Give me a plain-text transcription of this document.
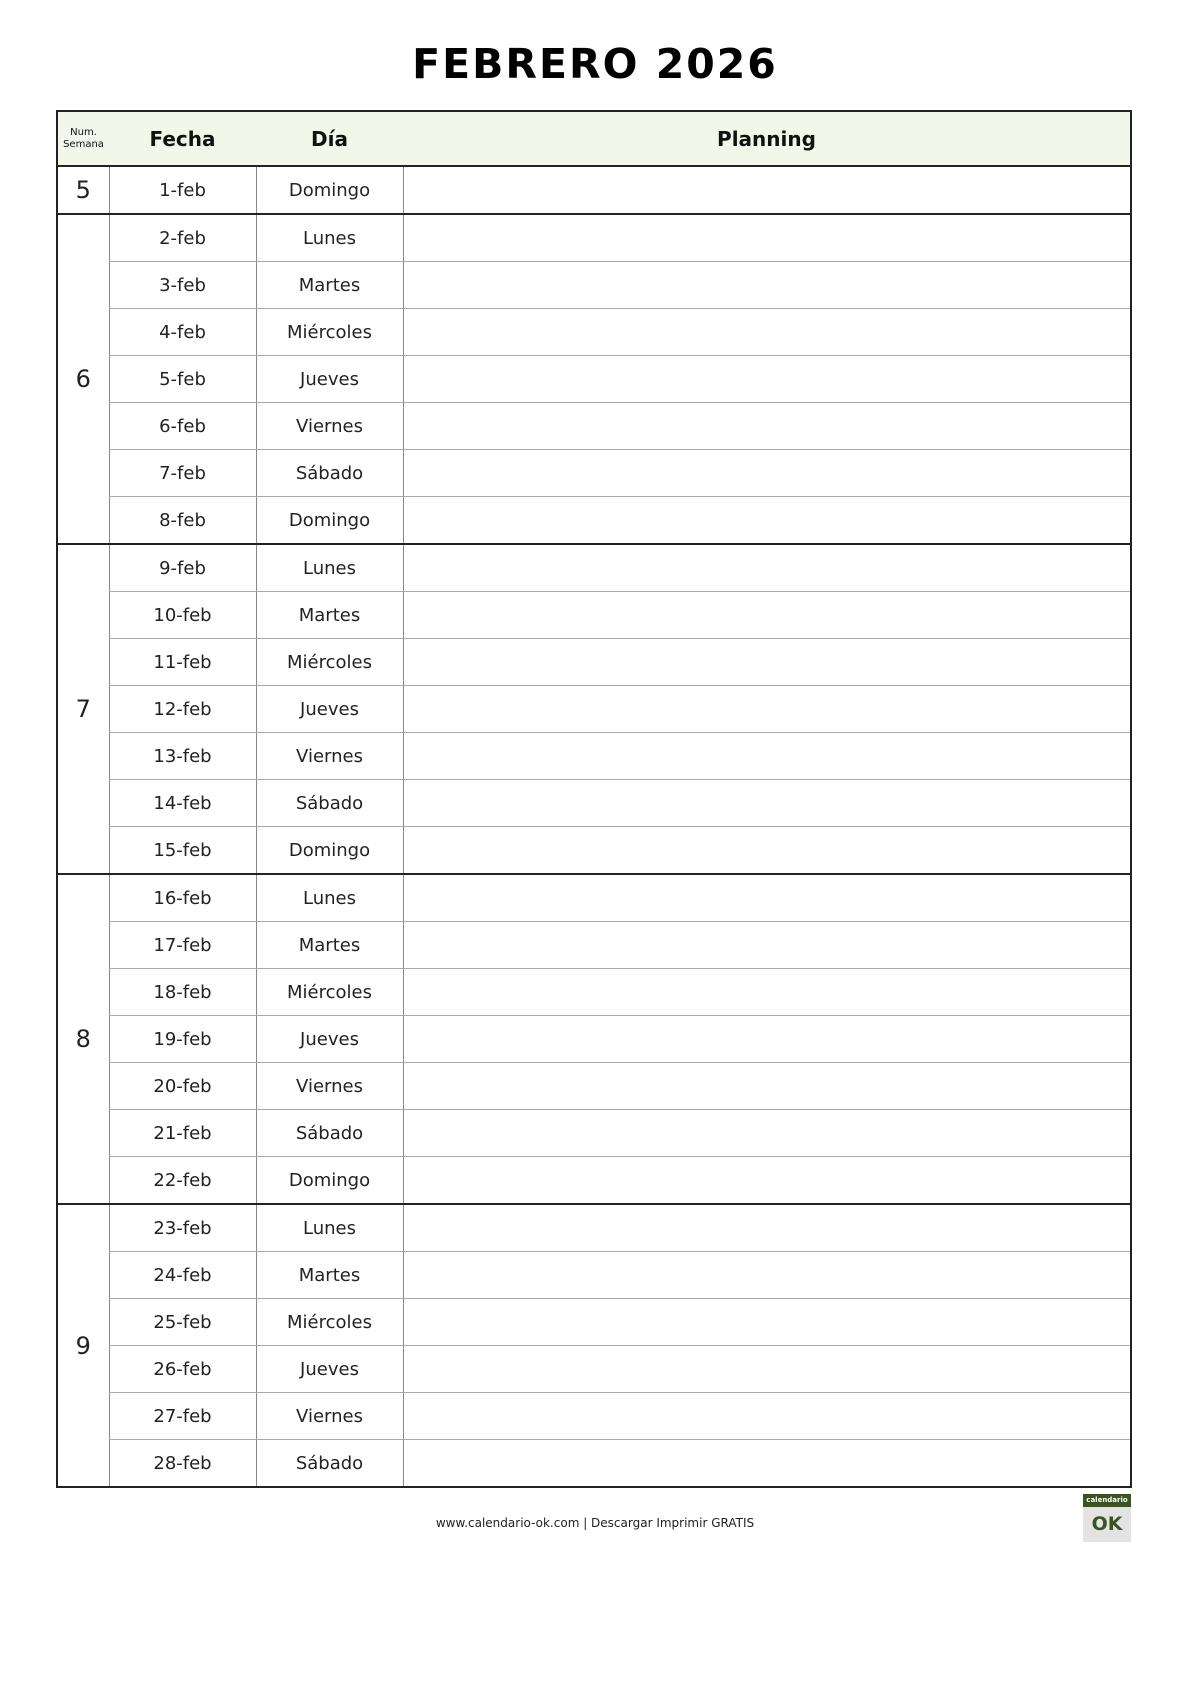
FEBRERO 2026
Num. Semana	Fecha	Día	Planning
5	1-feb	Domingo	
6	2-feb	Lunes	
	3-feb	Martes	
	4-feb	Miércoles	
	5-feb	Jueves	
	6-feb	Viernes	
	7-feb	Sábado	
	8-feb	Domingo	
7	9-feb	Lunes	
	10-feb	Martes	
	11-feb	Miércoles	
	12-feb	Jueves	
	13-feb	Viernes	
	14-feb	Sábado	
	15-feb	Domingo	
8	16-feb	Lunes	
	17-feb	Martes	
	18-feb	Miércoles	
	19-feb	Jueves	
	20-feb	Viernes	
	21-feb	Sábado	
	22-feb	Domingo	
9	23-feb	Lunes	
	24-feb	Martes	
	25-feb	Miércoles	
	26-feb	Jueves	
	27-feb	Viernes	
	28-feb	Sábado	
www.calendario-ok.com | Descargar Imprimir GRATIS
calendario
OK
